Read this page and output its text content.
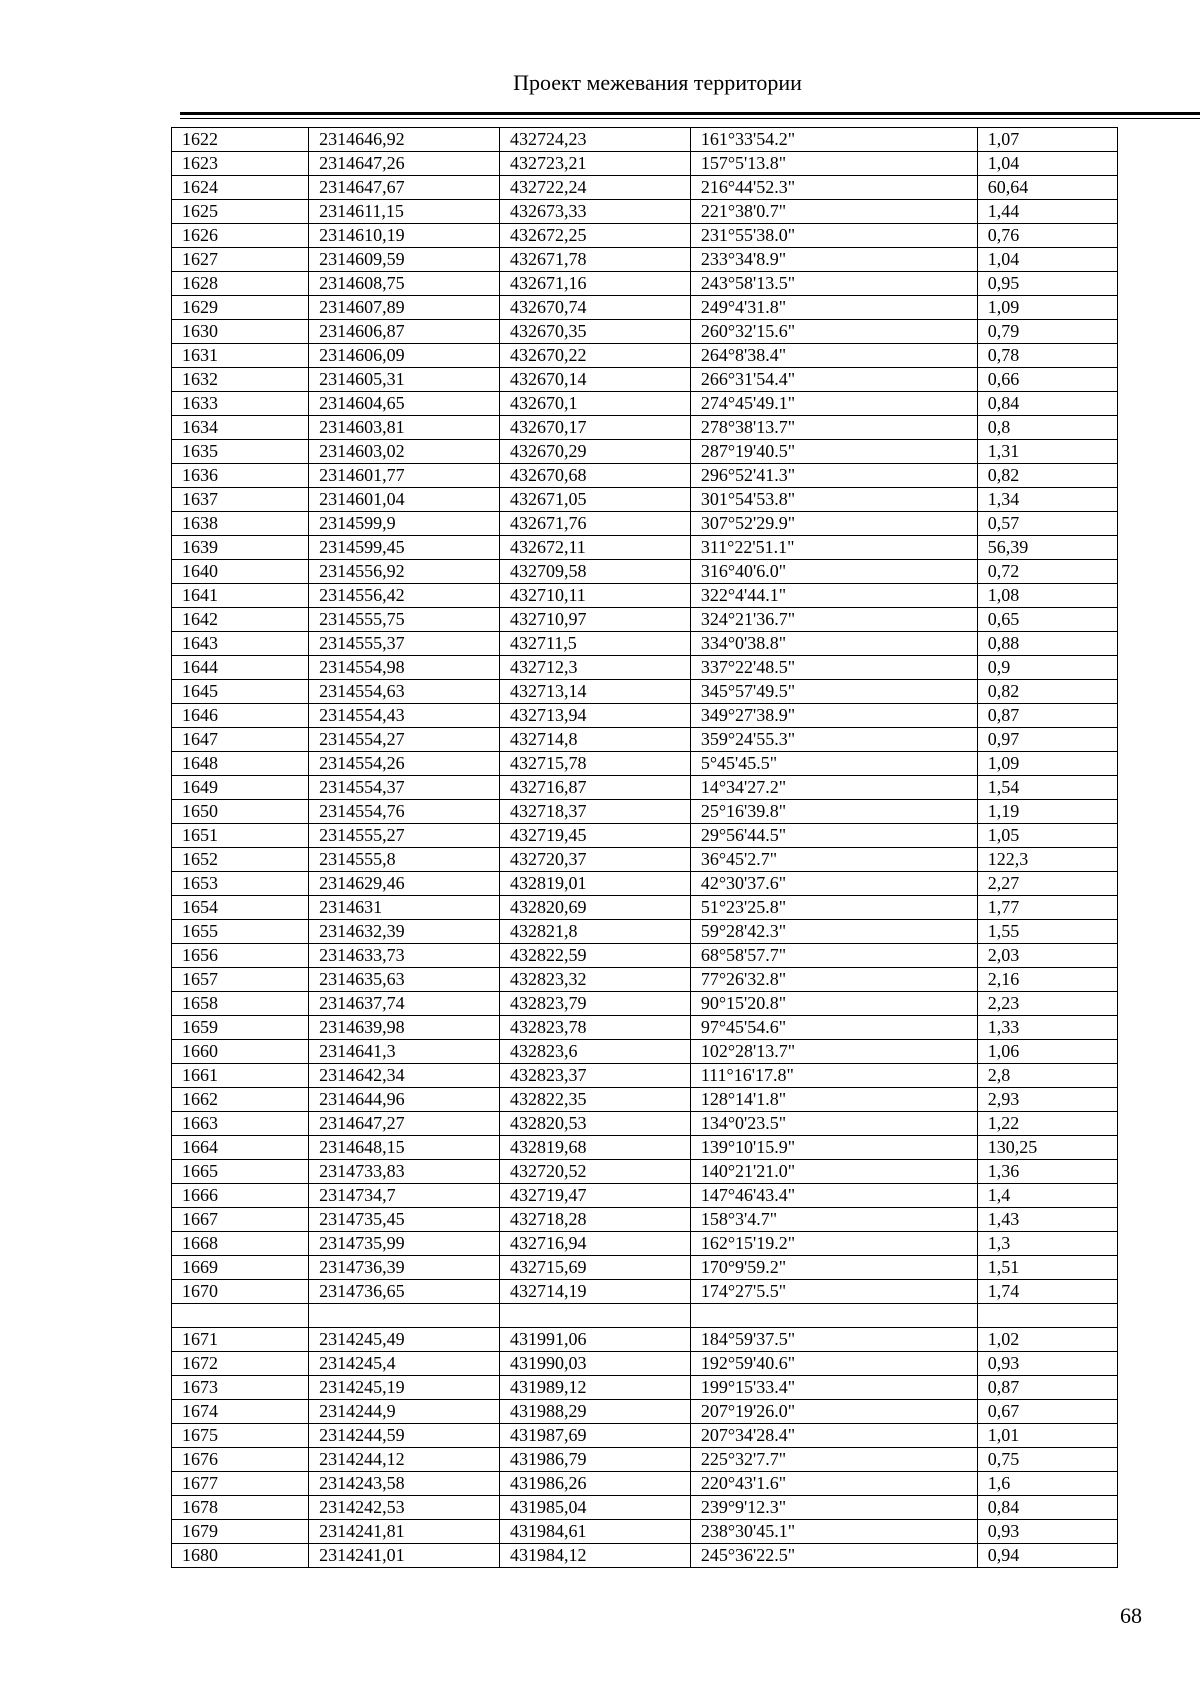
Проект межевания территории
1622	2314646,92	432724,23	161°33'54.2"	1,07
1623	2314647,26	432723,21	157°5'13.8"	1,04
1624	2314647,67	432722,24	216°44'52.3"	60,64
1625	2314611,15	432673,33	221°38'0.7"	1,44
1626	2314610,19	432672,25	231°55'38.0"	0,76
1627	2314609,59	432671,78	233°34'8.9"	1,04
1628	2314608,75	432671,16	243°58'13.5"	0,95
1629	2314607,89	432670,74	249°4'31.8"	1,09
1630	2314606,87	432670,35	260°32'15.6"	0,79
1631	2314606,09	432670,22	264°8'38.4"	0,78
1632	2314605,31	432670,14	266°31'54.4"	0,66
1633	2314604,65	432670,1	274°45'49.1"	0,84
1634	2314603,81	432670,17	278°38'13.7"	0,8
1635	2314603,02	432670,29	287°19'40.5"	1,31
1636	2314601,77	432670,68	296°52'41.3"	0,82
1637	2314601,04	432671,05	301°54'53.8"	1,34
1638	2314599,9	432671,76	307°52'29.9"	0,57
1639	2314599,45	432672,11	311°22'51.1"	56,39
1640	2314556,92	432709,58	316°40'6.0"	0,72
1641	2314556,42	432710,11	322°4'44.1"	1,08
1642	2314555,75	432710,97	324°21'36.7"	0,65
1643	2314555,37	432711,5	334°0'38.8"	0,88
1644	2314554,98	432712,3	337°22'48.5"	0,9
1645	2314554,63	432713,14	345°57'49.5"	0,82
1646	2314554,43	432713,94	349°27'38.9"	0,87
1647	2314554,27	432714,8	359°24'55.3"	0,97
1648	2314554,26	432715,78	5°45'45.5"	1,09
1649	2314554,37	432716,87	14°34'27.2"	1,54
1650	2314554,76	432718,37	25°16'39.8"	1,19
1651	2314555,27	432719,45	29°56'44.5"	1,05
1652	2314555,8	432720,37	36°45'2.7"	122,3
1653	2314629,46	432819,01	42°30'37.6"	2,27
1654	2314631	432820,69	51°23'25.8"	1,77
1655	2314632,39	432821,8	59°28'42.3"	1,55
1656	2314633,73	432822,59	68°58'57.7"	2,03
1657	2314635,63	432823,32	77°26'32.8"	2,16
1658	2314637,74	432823,79	90°15'20.8"	2,23
1659	2314639,98	432823,78	97°45'54.6"	1,33
1660	2314641,3	432823,6	102°28'13.7"	1,06
1661	2314642,34	432823,37	111°16'17.8"	2,8
1662	2314644,96	432822,35	128°14'1.8"	2,93
1663	2314647,27	432820,53	134°0'23.5"	1,22
1664	2314648,15	432819,68	139°10'15.9"	130,25
1665	2314733,83	432720,52	140°21'21.0"	1,36
1666	2314734,7	432719,47	147°46'43.4"	1,4
1667	2314735,45	432718,28	158°3'4.7"	1,43
1668	2314735,99	432716,94	162°15'19.2"	1,3
1669	2314736,39	432715,69	170°9'59.2"	1,51
1670	2314736,65	432714,19	174°27'5.5"	1,74

1671	2314245,49	431991,06	184°59'37.5"	1,02
1672	2314245,4	431990,03	192°59'40.6"	0,93
1673	2314245,19	431989,12	199°15'33.4"	0,87
1674	2314244,9	431988,29	207°19'26.0"	0,67
1675	2314244,59	431987,69	207°34'28.4"	1,01
1676	2314244,12	431986,79	225°32'7.7"	0,75
1677	2314243,58	431986,26	220°43'1.6"	1,6
1678	2314242,53	431985,04	239°9'12.3"	0,84
1679	2314241,81	431984,61	238°30'45.1"	0,93
1680	2314241,01	431984,12	245°36'22.5"	0,94
68
